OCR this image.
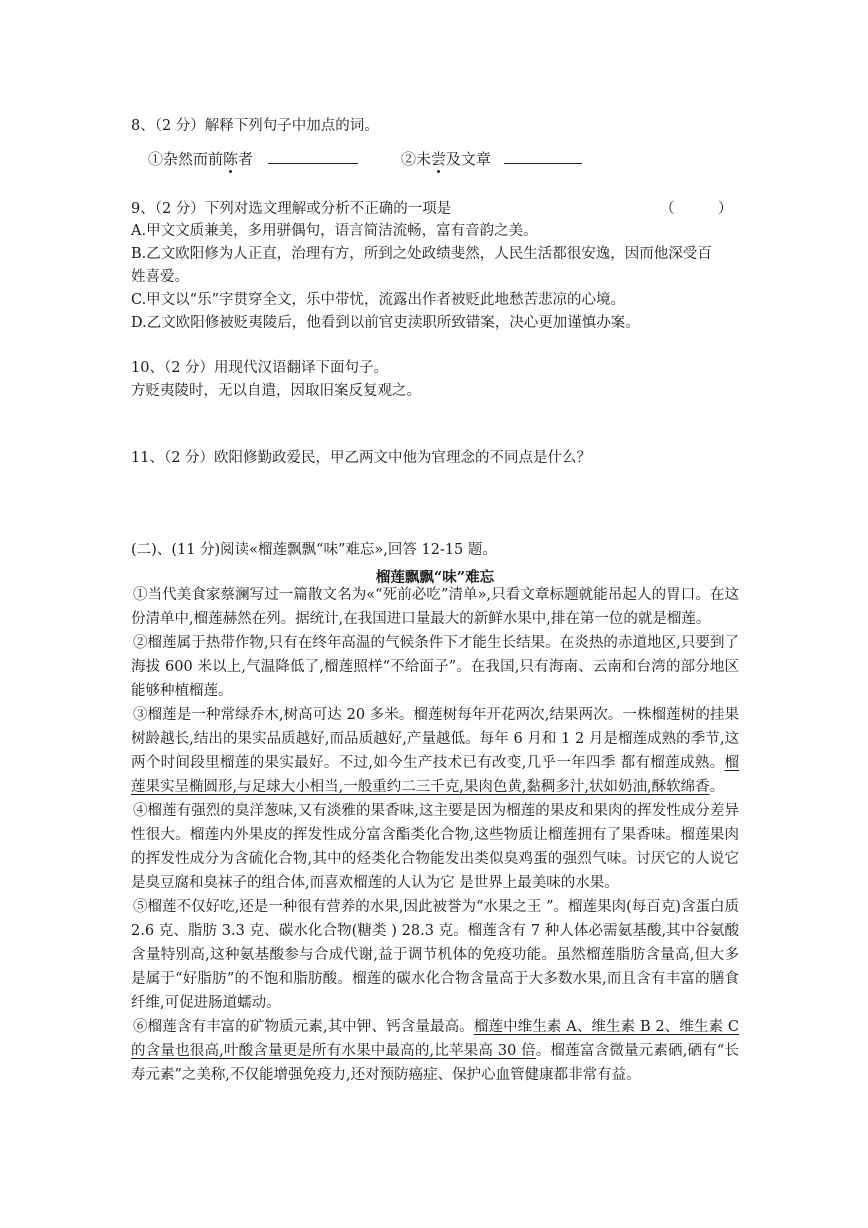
8、（2 分）解释下列句子中加点的词。
①杂然而前陈者	②未尝及文章
9、（2 分）下列对选文理解或分析不正确的一项是	（　　　）
A.甲文文质兼美，多用骈偶句，语言简洁流畅，富有音韵之美。
B.乙文欧阳修为人正直，治理有方，所到之处政绩斐然，人民生活都很安逸，因而他深受百
姓喜爱。
C.甲文以“乐”字贯穿全文，乐中带忧，流露出作者被贬此地愁苦悲凉的心境。
D.乙文欧阳修被贬夷陵后，他看到以前官吏渎职所致错案，决心更加谨慎办案。
10、（2 分）用现代汉语翻译下面句子。
方贬夷陵时，无以自遣，因取旧案反复观之。
11、（2 分）欧阳修勤政爱民，甲乙两文中他为官理念的不同点是什么？
(二)、(11 分)阅读«榴莲飘飘“味”难忘»,回答 12-15 题。
榴莲飘飘“味”难忘

①当代美食家蔡澜写过一篇散文名为«“死前必吃”清单»,只看文章标题就能吊起人的胃口。在这份清单中,榴莲赫然在列。据统计,在我国进口量最大的新鲜水果中,排在第一位的就是榴莲。

②榴莲属于热带作物,只有在终年高温的气候条件下才能生长结果。在炎热的赤道地区,只要到了海拔 600 米以上,气温降低了,榴莲照样“不给面子”。在我国,只有海南、云南和台湾的部分地区能够种植榴莲。

③榴莲是一种常绿乔木,树高可达 20 多米。榴莲树每年开花两次,结果两次。一株榴莲树的挂果树龄越长,结出的果实品质越好,而品质越好,产量越低。每年 6 月和 1 2 月是榴莲成熟的季节,这两个时间段里榴莲的果实最好。不过,如今生产技术已有改变,几乎一年四季 都有榴莲成熟。榴莲果实呈椭圆形,与足球大小相当,一般重约二三千克,果肉色黄,黏稠多汁,状如奶油,酥软绵香。

④榴莲有强烈的臭洋葱味,又有淡雅的果香味,这主要是因为榴莲的果皮和果肉的挥发性成分差异性很大。榴莲内外果皮的挥发性成分富含酯类化合物,这些物质让榴莲拥有了果香味。榴莲果肉的挥发性成分为含硫化合物,其中的烃类化合物能发出类似臭鸡蛋的强烈气味。讨厌它的人说它是臭豆腐和臭袜子的组合体,而喜欢榴莲的人认为它 是世界上最美味的水果。

⑤榴莲不仅好吃,还是一种很有营养的水果,因此被誉为“水果之王 ”。榴莲果肉(每百克)含蛋白质 2.6 克、脂肪 3.3 克、碳水化合物(糖类 ) 28.3 克。榴莲含有 7 种人体必需氨基酸,其中谷氨酸含量特别高,这种氨基酸参与合成代谢,益于调节机体的免疫功能。虽然榴莲脂肪含量高,但大多是属于“好脂肪”的不饱和脂肪酸。榴莲的碳水化合物含量高于大多数水果,而且含有丰富的膳食纤维,可促进肠道蠕动。

⑥榴莲含有丰富的矿物质元素,其中钾、钙含量最高。榴莲中维生素 A、维生素 B 2、维生素 C 的含量也很高,叶酸含量更是所有水果中最高的,比苹果高 30 倍。榴莲富含微量元素硒,硒有“长寿元素”之美称,不仅能增强免疫力,还对预防癌症、保护心血管健康都非常有益。
